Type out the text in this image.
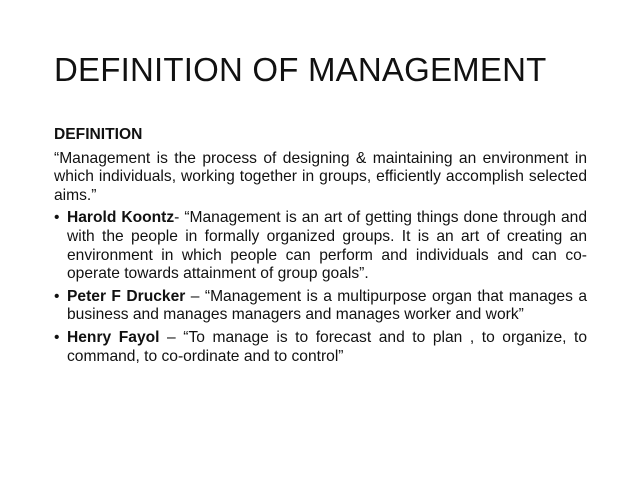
DEFINITION OF MANAGEMENT
DEFINITION
“Management is the process of designing & maintaining an environment in which individuals, working together in groups, efficiently accomplish selected aims.”
• Harold Koontz- “Management is an art of getting things done through and with the people in formally organized groups. It is an art of creating an environment in which people can perform and individuals and can co-operate towards attainment of group goals”.
• Peter F Drucker – “Management is a multipurpose organ that manages a business and manages managers and manages worker and work”
• Henry Fayol – “To manage is to forecast and to plan , to organize, to command, to co-ordinate and to control”
